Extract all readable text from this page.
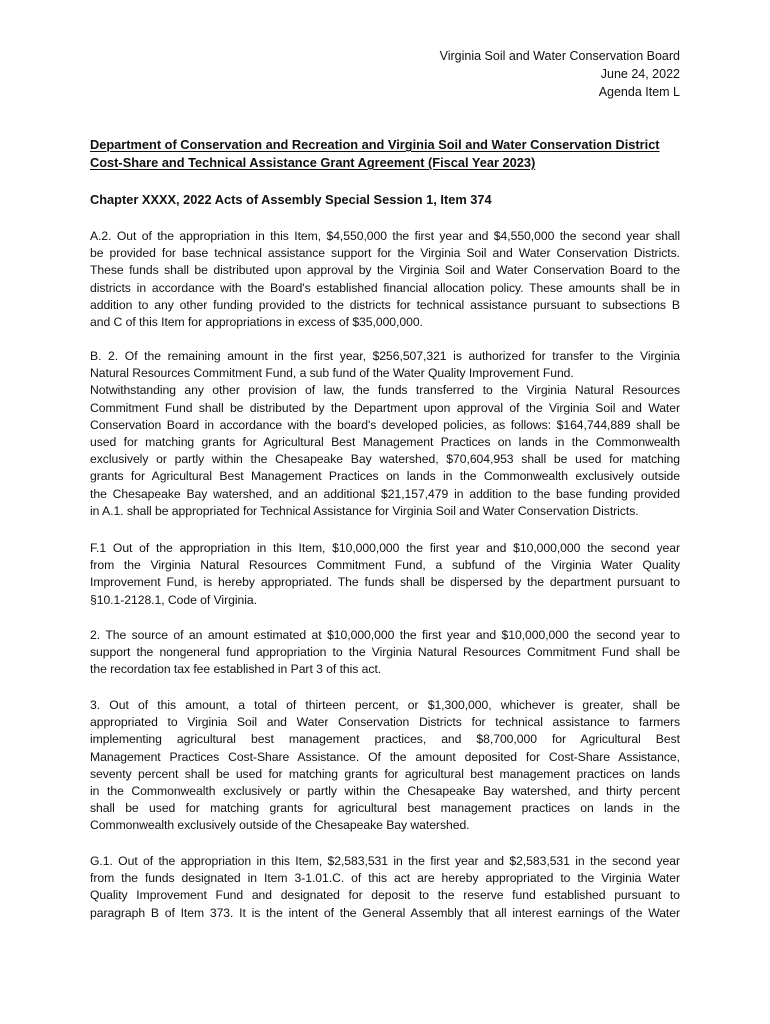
Virginia Soil and Water Conservation Board
June 24, 2022
Agenda Item L
Department of Conservation and Recreation and Virginia Soil and Water Conservation District
Cost-Share and Technical Assistance Grant Agreement (Fiscal Year 2023)
Chapter XXXX, 2022 Acts of Assembly Special Session 1, Item 374
A.2. Out of the appropriation in this Item, $4,550,000 the first year and $4,550,000 the second year shall
be provided for base technical assistance support for the Virginia Soil and Water Conservation Districts.
These funds shall be distributed upon approval by the Virginia Soil and Water Conservation Board to the
districts in accordance with the Board's established financial allocation policy. These amounts shall be in
addition to any other funding provided to the districts for technical assistance pursuant to subsections B
and C of this Item for appropriations in excess of $35,000,000.
B. 2. Of the remaining amount in the first year, $256,507,321 is authorized for transfer to the Virginia
Natural Resources Commitment Fund, a sub fund of the Water Quality Improvement Fund.
Notwithstanding any other provision of law, the funds transferred to the Virginia Natural Resources
Commitment Fund shall be distributed by the Department upon approval of the Virginia Soil and Water
Conservation Board in accordance with the board's developed policies, as follows: $164,744,889 shall be
used for matching grants for Agricultural Best Management Practices on lands in the Commonwealth
exclusively or partly within the Chesapeake Bay watershed, $70,604,953 shall be used for matching
grants for Agricultural Best Management Practices on lands in the Commonwealth exclusively outside
the Chesapeake Bay watershed, and an additional $21,157,479 in addition to the base funding provided
in A.1. shall be appropriated for Technical Assistance for Virginia Soil and Water Conservation Districts.
F.1 Out of the appropriation in this Item, $10,000,000 the first year and $10,000,000 the second year
from the Virginia Natural Resources Commitment Fund, a subfund of the Virginia Water Quality
Improvement Fund, is hereby appropriated. The funds shall be dispersed by the department pursuant to
§10.1-2128.1, Code of Virginia.
2. The source of an amount estimated at $10,000,000 the first year and $10,000,000 the second year to
support the nongeneral fund appropriation to the Virginia Natural Resources Commitment Fund shall be
the recordation tax fee established in Part 3 of this act.
3. Out of this amount, a total of thirteen percent, or $1,300,000, whichever is greater, shall be
appropriated to Virginia Soil and Water Conservation Districts for technical assistance to farmers
implementing agricultural best management practices, and $8,700,000 for Agricultural Best
Management Practices Cost-Share Assistance. Of the amount deposited for Cost-Share Assistance,
seventy percent shall be used for matching grants for agricultural best management practices on lands
in the Commonwealth exclusively or partly within the Chesapeake Bay watershed, and thirty percent
shall be used for matching grants for agricultural best management practices on lands in the
Commonwealth exclusively outside of the Chesapeake Bay watershed.
G.1. Out of the appropriation in this Item, $2,583,531 in the first year and $2,583,531 in the second year
from the funds designated in Item 3-1.01.C. of this act are hereby appropriated to the Virginia Water
Quality Improvement Fund and designated for deposit to the reserve fund established pursuant to
paragraph B of Item 373. It is the intent of the General Assembly that all interest earnings of the Water
